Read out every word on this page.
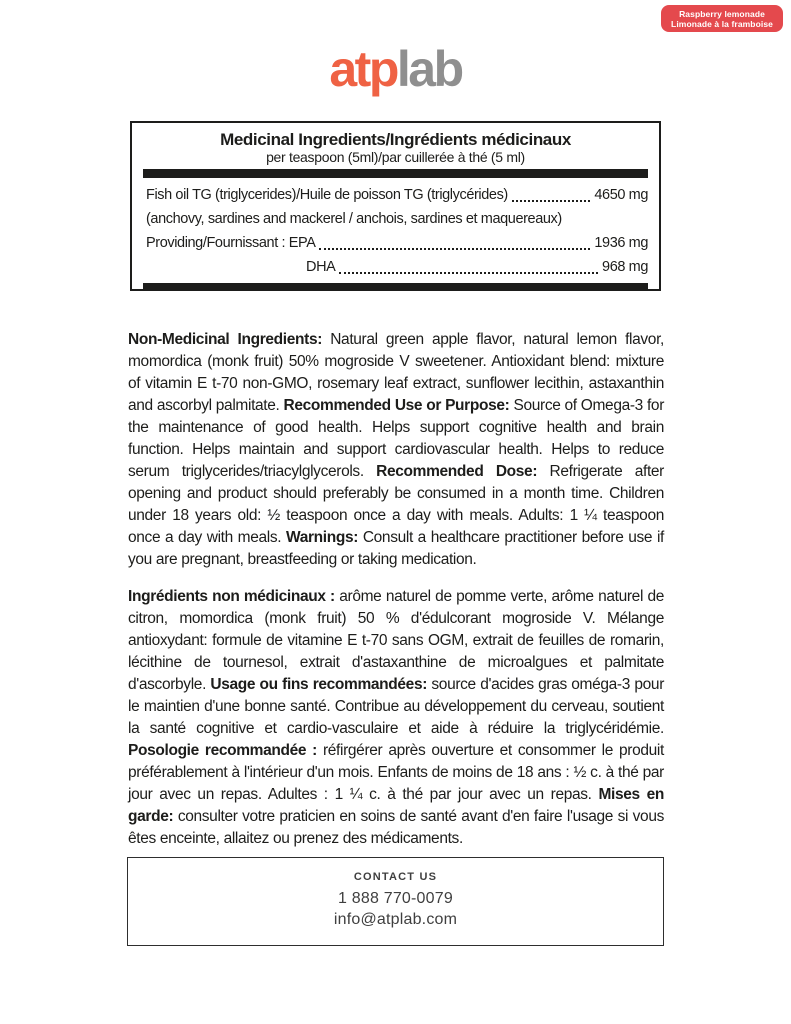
Raspberry lemonade
Limonade à la framboise
atplab
Medicinal Ingredients/Ingrédients médicinaux
per teaspoon (5ml)/par cuillerée à thé (5 ml)
Fish oil TG (triglycerides)/Huile de poisson TG (triglycérides)	4650 mg
(anchovy, sardines and mackerel / anchois, sardines et maquereaux)
Providing/Fournissant : EPA	1936 mg
DHA	968 mg

Non-Medicinal Ingredients: Natural green apple flavor, natural lemon flavor, momordica (monk fruit) 50% mogroside V sweetener. Antioxidant blend: mixture of vitamin E t-70 non-GMO, rosemary leaf extract, sunflower lecithin, astaxanthin and ascorbyl palmitate. Recommended Use or Purpose: Source of Omega-3 for the maintenance of good health. Helps support cognitive health and brain function. Helps maintain and support cardiovascular health. Helps to reduce serum triglycerides/triacylglycerols. Recommended Dose: Refrigerate after opening and product should preferably be consumed in a month time. Children under 18 years old: ½ teaspoon once a day with meals. Adults: 1 ¼ teaspoon once a day with meals. Warnings: Consult a healthcare practitioner before use if you are pregnant, breastfeeding or taking medication.

Ingrédients non médicinaux : arôme naturel de pomme verte, arôme naturel de citron, momordica (monk fruit) 50 % d'édulcorant mogroside V. Mélange antioxydant: formule de vitamine E t-70 sans OGM, extrait de feuilles de romarin, lécithine de tournesol, extrait d'astaxanthine de microalgues et palmitate d'ascorbyle. Usage ou fins recommandées: source d'acides gras oméga-3 pour le maintien d'une bonne santé. Contribue au développement du cerveau, soutient la santé cognitive et cardio-vasculaire et aide à réduire la triglycéridémie. Posologie recommandée : réfirgérer après ouverture et consommer le produit préférablement à l'intérieur d'un mois. Enfants de moins de 18 ans : ½ c. à thé par jour avec un repas. Adultes : 1 ¼ c. à thé par jour avec un repas. Mises en garde: consulter votre praticien en soins de santé avant d'en faire l'usage si vous êtes enceinte, allaitez ou prenez des médicaments.

CONTACT US
1 888 770-0079
info@atplab.com
